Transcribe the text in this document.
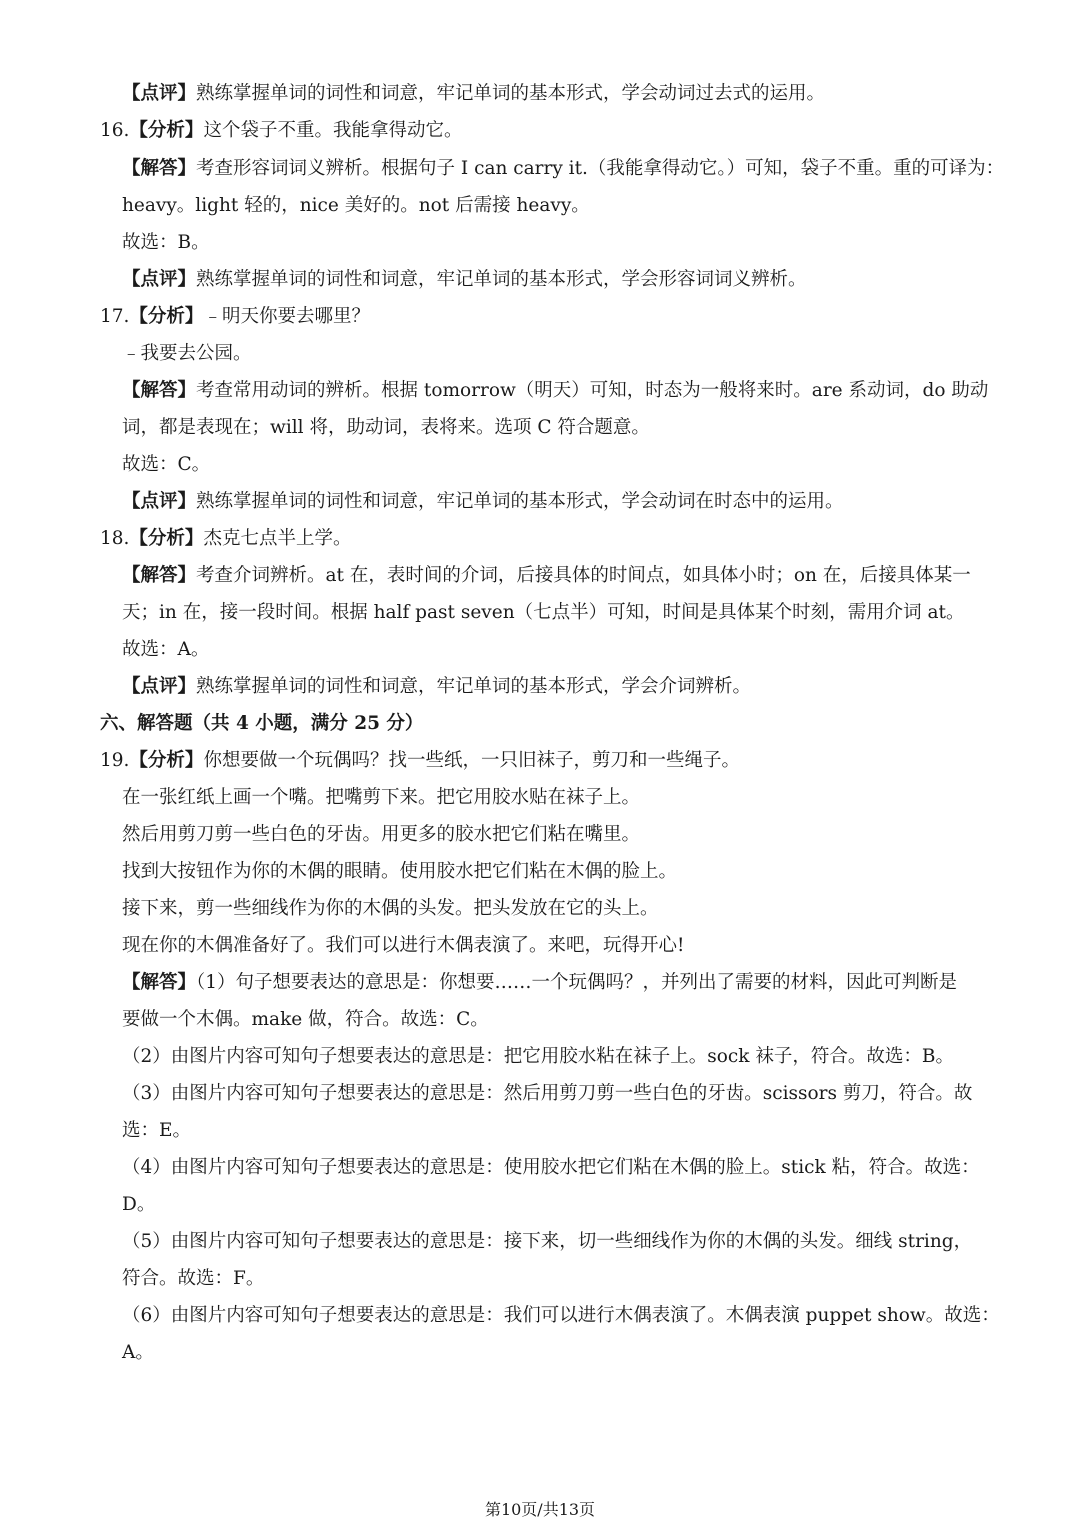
【点评】熟练掌握单词的词性和词意，牢记单词的基本形式，学会动词过去式的运用。
16.【分析】这个袋子不重。我能拿得动它。
【解答】考查形容词词义辨析。根据句子 I can carry it.（我能拿得动它。）可知，袋子不重。重的可译为：
heavy。light 轻的，nice 美好的。not 后需接 heavy。
故选：B。
【点评】熟练掌握单词的词性和词意，牢记单词的基本形式，学会形容词词义辨析。
17.【分析】﹣明天你要去哪里？
﹣我要去公园。
【解答】考查常用动词的辨析。根据 tomorrow（明天）可知，时态为一般将来时。are 系动词，do 助动
词，都是表现在；will 将，助动词，表将来。选项 C 符合题意。
故选：C。
【点评】熟练掌握单词的词性和词意，牢记单词的基本形式，学会动词在时态中的运用。
18.【分析】杰克七点半上学。
【解答】考查介词辨析。at 在，表时间的介词，后接具体的时间点，如具体小时；on 在，后接具体某一
天；in 在，接一段时间。根据 half past seven（七点半）可知，时间是具体某个时刻，需用介词 at。
故选：A。
【点评】熟练掌握单词的词性和词意，牢记单词的基本形式，学会介词辨析。
六、解答题（共 4 小题，满分 25 分）
19.【分析】你想要做一个玩偶吗？找一些纸，一只旧袜子，剪刀和一些绳子。
在一张红纸上画一个嘴。把嘴剪下来。把它用胶水贴在袜子上。
然后用剪刀剪一些白色的牙齿。用更多的胶水把它们粘在嘴里。
找到大按钮作为你的木偶的眼睛。使用胶水把它们粘在木偶的脸上。
接下来，剪一些细线作为你的木偶的头发。把头发放在它的头上。
现在你的木偶准备好了。我们可以进行木偶表演了。来吧，玩得开心!
【解答】（1）句子想要表达的意思是：你想要……一个玩偶吗？，并列出了需要的材料，因此可判断是
要做一个木偶。make 做，符合。故选：C。
（2）由图片内容可知句子想要表达的意思是：把它用胶水粘在袜子上。sock 袜子，符合。故选：B。
（3）由图片内容可知句子想要表达的意思是：然后用剪刀剪一些白色的牙齿。scissors 剪刀，符合。故
选：E。
（4）由图片内容可知句子想要表达的意思是：使用胶水把它们粘在木偶的脸上。stick 粘，符合。故选：
D。
（5）由图片内容可知句子想要表达的意思是：接下来，切一些细线作为你的木偶的头发。细线 string，
符合。故选：F。
（6）由图片内容可知句子想要表达的意思是：我们可以进行木偶表演了。木偶表演 puppet show。故选：
A。
第10页/共13页
